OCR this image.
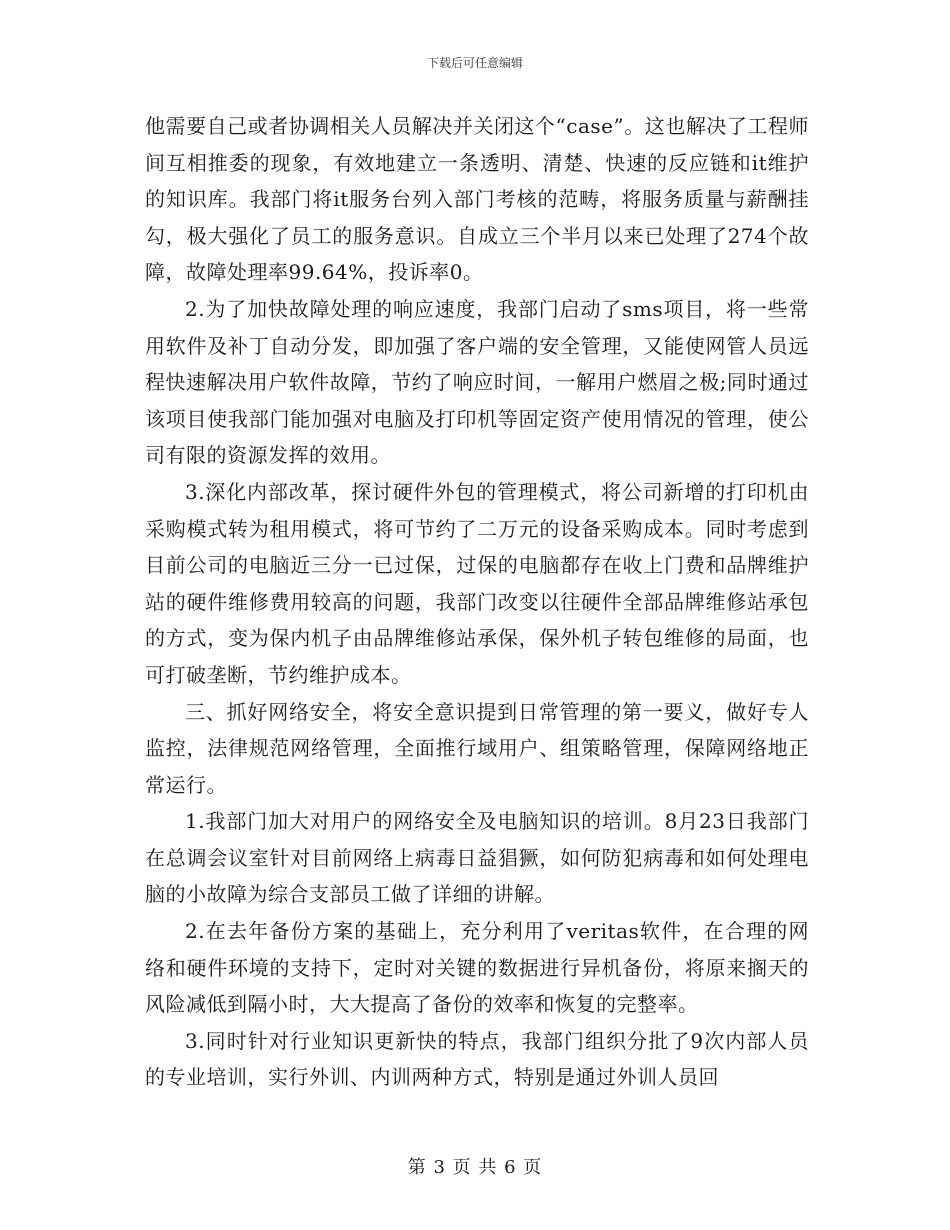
下载后可任意编辑

他需要自己或者协调相关人员解决并关闭这个“case”。这也解决了工程师间互相推委的现象，有效地建立一条透明、清楚、快速的反应链和it维护的知识库。我部门将it服务台列入部门考核的范畴，将服务质量与薪酬挂勾，极大强化了员工的服务意识。自成立三个半月以来已处理了274个故障，故障处理率99.64%，投诉率0。

2.为了加快故障处理的响应速度，我部门启动了sms项目，将一些常用软件及补丁自动分发，即加强了客户端的安全管理，又能使网管人员远程快速解决用户软件故障，节约了响应时间，一解用户燃眉之极;同时通过该项目使我部门能加强对电脑及打印机等固定资产使用情况的管理，使公司有限的资源发挥的效用。

3.深化内部改革，探讨硬件外包的管理模式，将公司新增的打印机由采购模式转为租用模式，将可节约了二万元的设备采购成本。同时考虑到目前公司的电脑近三分一已过保，过保的电脑都存在收上门费和品牌维护站的硬件维修费用较高的问题，我部门改变以往硬件全部品牌维修站承包的方式，变为保内机子由品牌维修站承保，保外机子转包维修的局面，也可打破垄断，节约维护成本。

三、抓好网络安全，将安全意识提到日常管理的第一要义，做好专人监控，法律规范网络管理，全面推行域用户、组策略管理，保障网络地正常运行。

1.我部门加大对用户的网络安全及电脑知识的培训。8月23日我部门在总调会议室针对目前网络上病毒日益猖獗，如何防犯病毒和如何处理电脑的小故障为综合支部员工做了详细的讲解。

2.在去年备份方案的基础上，充分利用了veritas软件，在合理的网络和硬件环境的支持下，定时对关键的数据进行异机备份，将原来搁天的风险减低到隔小时，大大提高了备份的效率和恢复的完整率。

3.同时针对行业知识更新快的特点，我部门组织分批了9次内部人员的专业培训，实行外训、内训两种方式，特别是通过外训人员回

第 3 页 共 6 页
